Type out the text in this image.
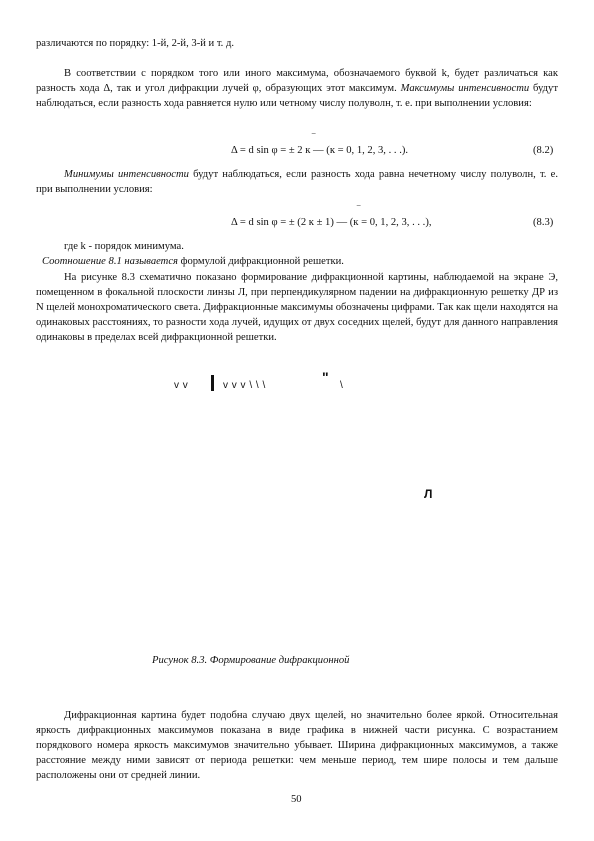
различаются по порядку: 1-й, 2-й, 3-й и т. д.
В соответствии с порядком того или иного максимума, обозначаемого буквой k, будет различаться как разность хода Δ, так и угол дифракции лучей φ, образующих этот максимум. Максимумы интенсивности будут наблюдаться, если разность хода равняется нулю или четному числу полуволн, т. е. при выполнении условия:
‾
Δ = d sin φ = ± 2 к — (к = 0, 1, 2, 3, . . .).	(8.2)
Минимумы интенсивности будут наблюдаться, если разность хода равна нечетному числу полуволн, т. е. при выполнении условия:
‾
Δ = d sin φ = ± (2 к ± 1) — (к = 0, 1, 2, 3, . . .),	(8.3)
где k - порядок минимума.
Соотношение 8.1 называется формулой дифракционной решетки.
На рисунке 8.3 схематично показано формирование дифракционной картины, наблюдаемой на экране Э, помещенном в фокальной плоскости линзы Л, при перпендикулярном падении на дифракционную решетку ДР из N щелей монохроматического света. Дифракционные максимумы обозначены цифрами. Так как щели находятся на одинаковых расстояниях, то разности хода лучей, идущих от двух соседних щелей, будут для данного направления одинаковы в пределах всей дифракционной решетки.
v v	v v v \ \ \
"
\
Л
Рисунок 8.3. Формирование дифракционной
Дифракционная картина будет подобна случаю двух щелей, но значительно более яркой. Относительная яркость дифракционных максимумов показана в виде графика в нижней части рисунка. С возрастанием порядкового номера яркость максимумов значительно убывает. Ширина дифракционных максимумов, а также расстояние между ними зависят от периода решетки: чем меньше период, тем шире полосы и тем дальше расположены они от средней линии.
50
